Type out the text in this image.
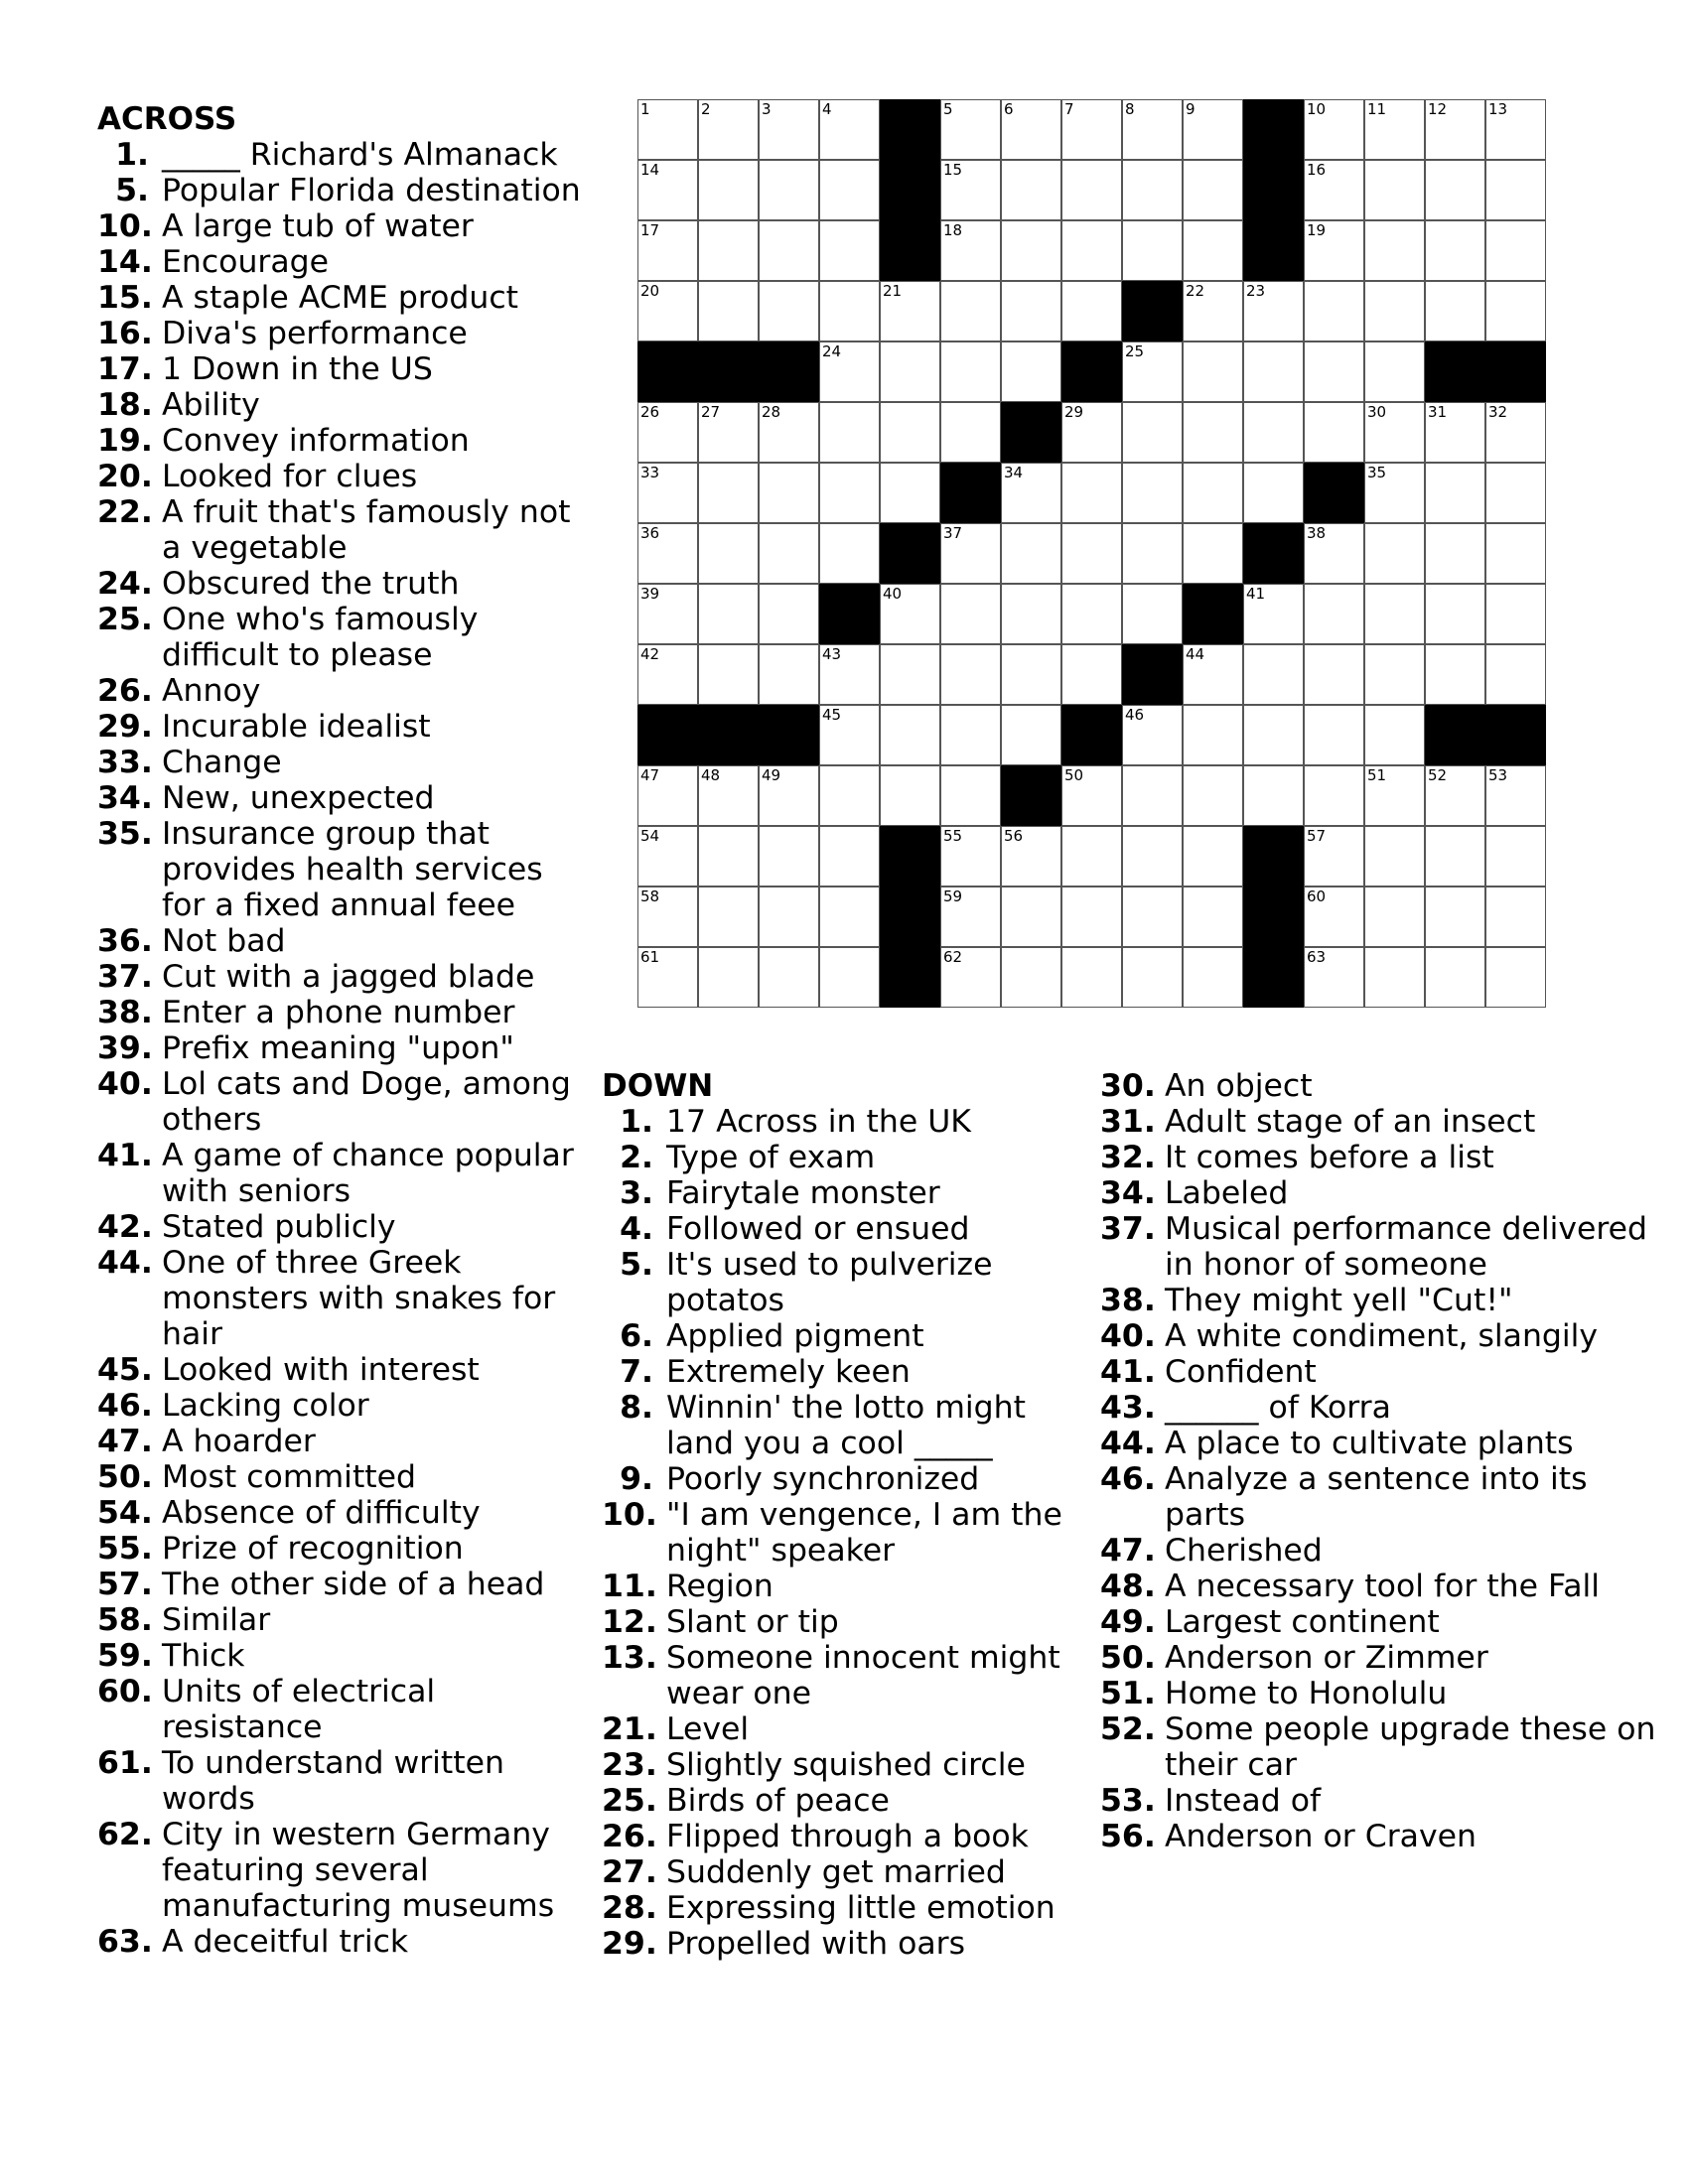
ACROSS
1. _____ Richard's Almanack
5. Popular Florida destination
10. A large tub of water
14. Encourage
15. A staple ACME product
16. Diva's performance
17. 1 Down in the US
18. Ability
19. Convey information
20. Looked for clues
22. A fruit that's famously not a vegetable
24. Obscured the truth
25. One who's famously difficult to please
26. Annoy
29. Incurable idealist
33. Change
34. New, unexpected
35. Insurance group that provides health services for a fixed annual feee
36. Not bad
37. Cut with a jagged blade
38. Enter a phone number
39. Prefix meaning "upon"
40. Lol cats and Doge, among others
41. A game of chance popular with seniors
42. Stated publicly
44. One of three Greek monsters with snakes for hair
45. Looked with interest
46. Lacking color
47. A hoarder
50. Most committed
54. Absence of difficulty
55. Prize of recognition
57. The other side of a head
58. Similar
59. Thick
60. Units of electrical resistance
61. To understand written words
62. City in western Germany featuring several manufacturing museums
63. A deceitful trick
1	2	3	4	5	6	7	8	9	10	11	12	13
14	15	16
17	18	19
20	21	22	23
24	25
26	27	28	29	30	31	32
33	34	35
36	37	38
39	40	41
42	43	44
45	46
47	48	49	50	51	52	53
54	55	56	57
58	59	60
61	62	63
DOWN
1. 17 Across in the UK
2. Type of exam
3. Fairytale monster
4. Followed or ensued
5. It's used to pulverize potatos
6. Applied pigment
7. Extremely keen
8. Winnin' the lotto might land you a cool _____
9. Poorly synchronized
10. "I am vengence, I am the night" speaker
11. Region
12. Slant or tip
13. Someone innocent might wear one
21. Level
23. Slightly squished circle
25. Birds of peace
26. Flipped through a book
27. Suddenly get married
28. Expressing little emotion
29. Propelled with oars
30. An object
31. Adult stage of an insect
32. It comes before a list
34. Labeled
37. Musical performance delivered in honor of someone
38. They might yell "Cut!"
40. A white condiment, slangily
41. Confident
43. ______ of Korra
44. A place to cultivate plants
46. Analyze a sentence into its parts
47. Cherished
48. A necessary tool for the Fall
49. Largest continent
50. Anderson or Zimmer
51. Home to Honolulu
52. Some people upgrade these on their car
53. Instead of
56. Anderson or Craven
